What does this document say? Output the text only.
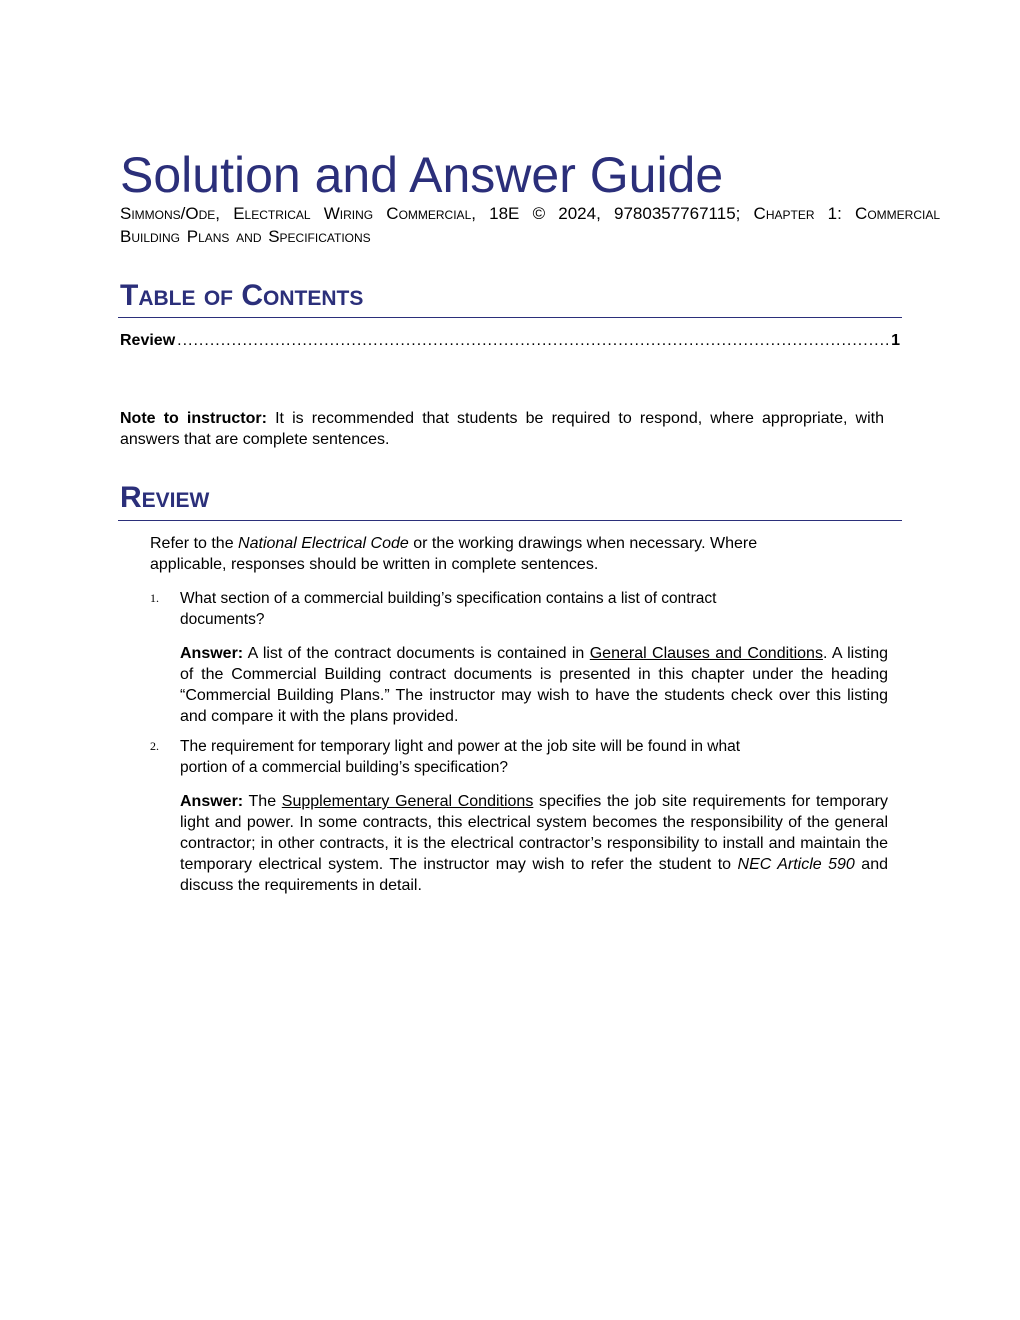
Solution and Answer Guide
Simmons/Ode, Electrical Wiring Commercial, 18E © 2024, 9780357767115; Chapter 1: Commercial Building Plans and Specifications
Table of Contents
Review
.....	1
Note to instructor: It is recommended that students be required to respond, where appropriate, with answers that are complete sentences.
Review
Refer to the National Electrical Code or the working drawings when necessary. Where applicable, responses should be written in complete sentences.
1. What section of a commercial building’s specification contains a list of contract documents?
Answer: A list of the contract documents is contained in General Clauses and Conditions. A listing of the Commercial Building contract documents is presented in this chapter under the heading “Commercial Building Plans.” The instructor may wish to have the students check over this listing and compare it with the plans provided.
2. The requirement for temporary light and power at the job site will be found in what portion of a commercial building’s specification?
Answer: The Supplementary General Conditions specifies the job site requirements for temporary light and power. In some contracts, this electrical system becomes the responsibility of the general contractor; in other contracts, it is the electrical contractor’s responsibility to install and maintain the temporary electrical system. The instructor may wish to refer the student to NEC Article 590 and discuss the requirements in detail.
